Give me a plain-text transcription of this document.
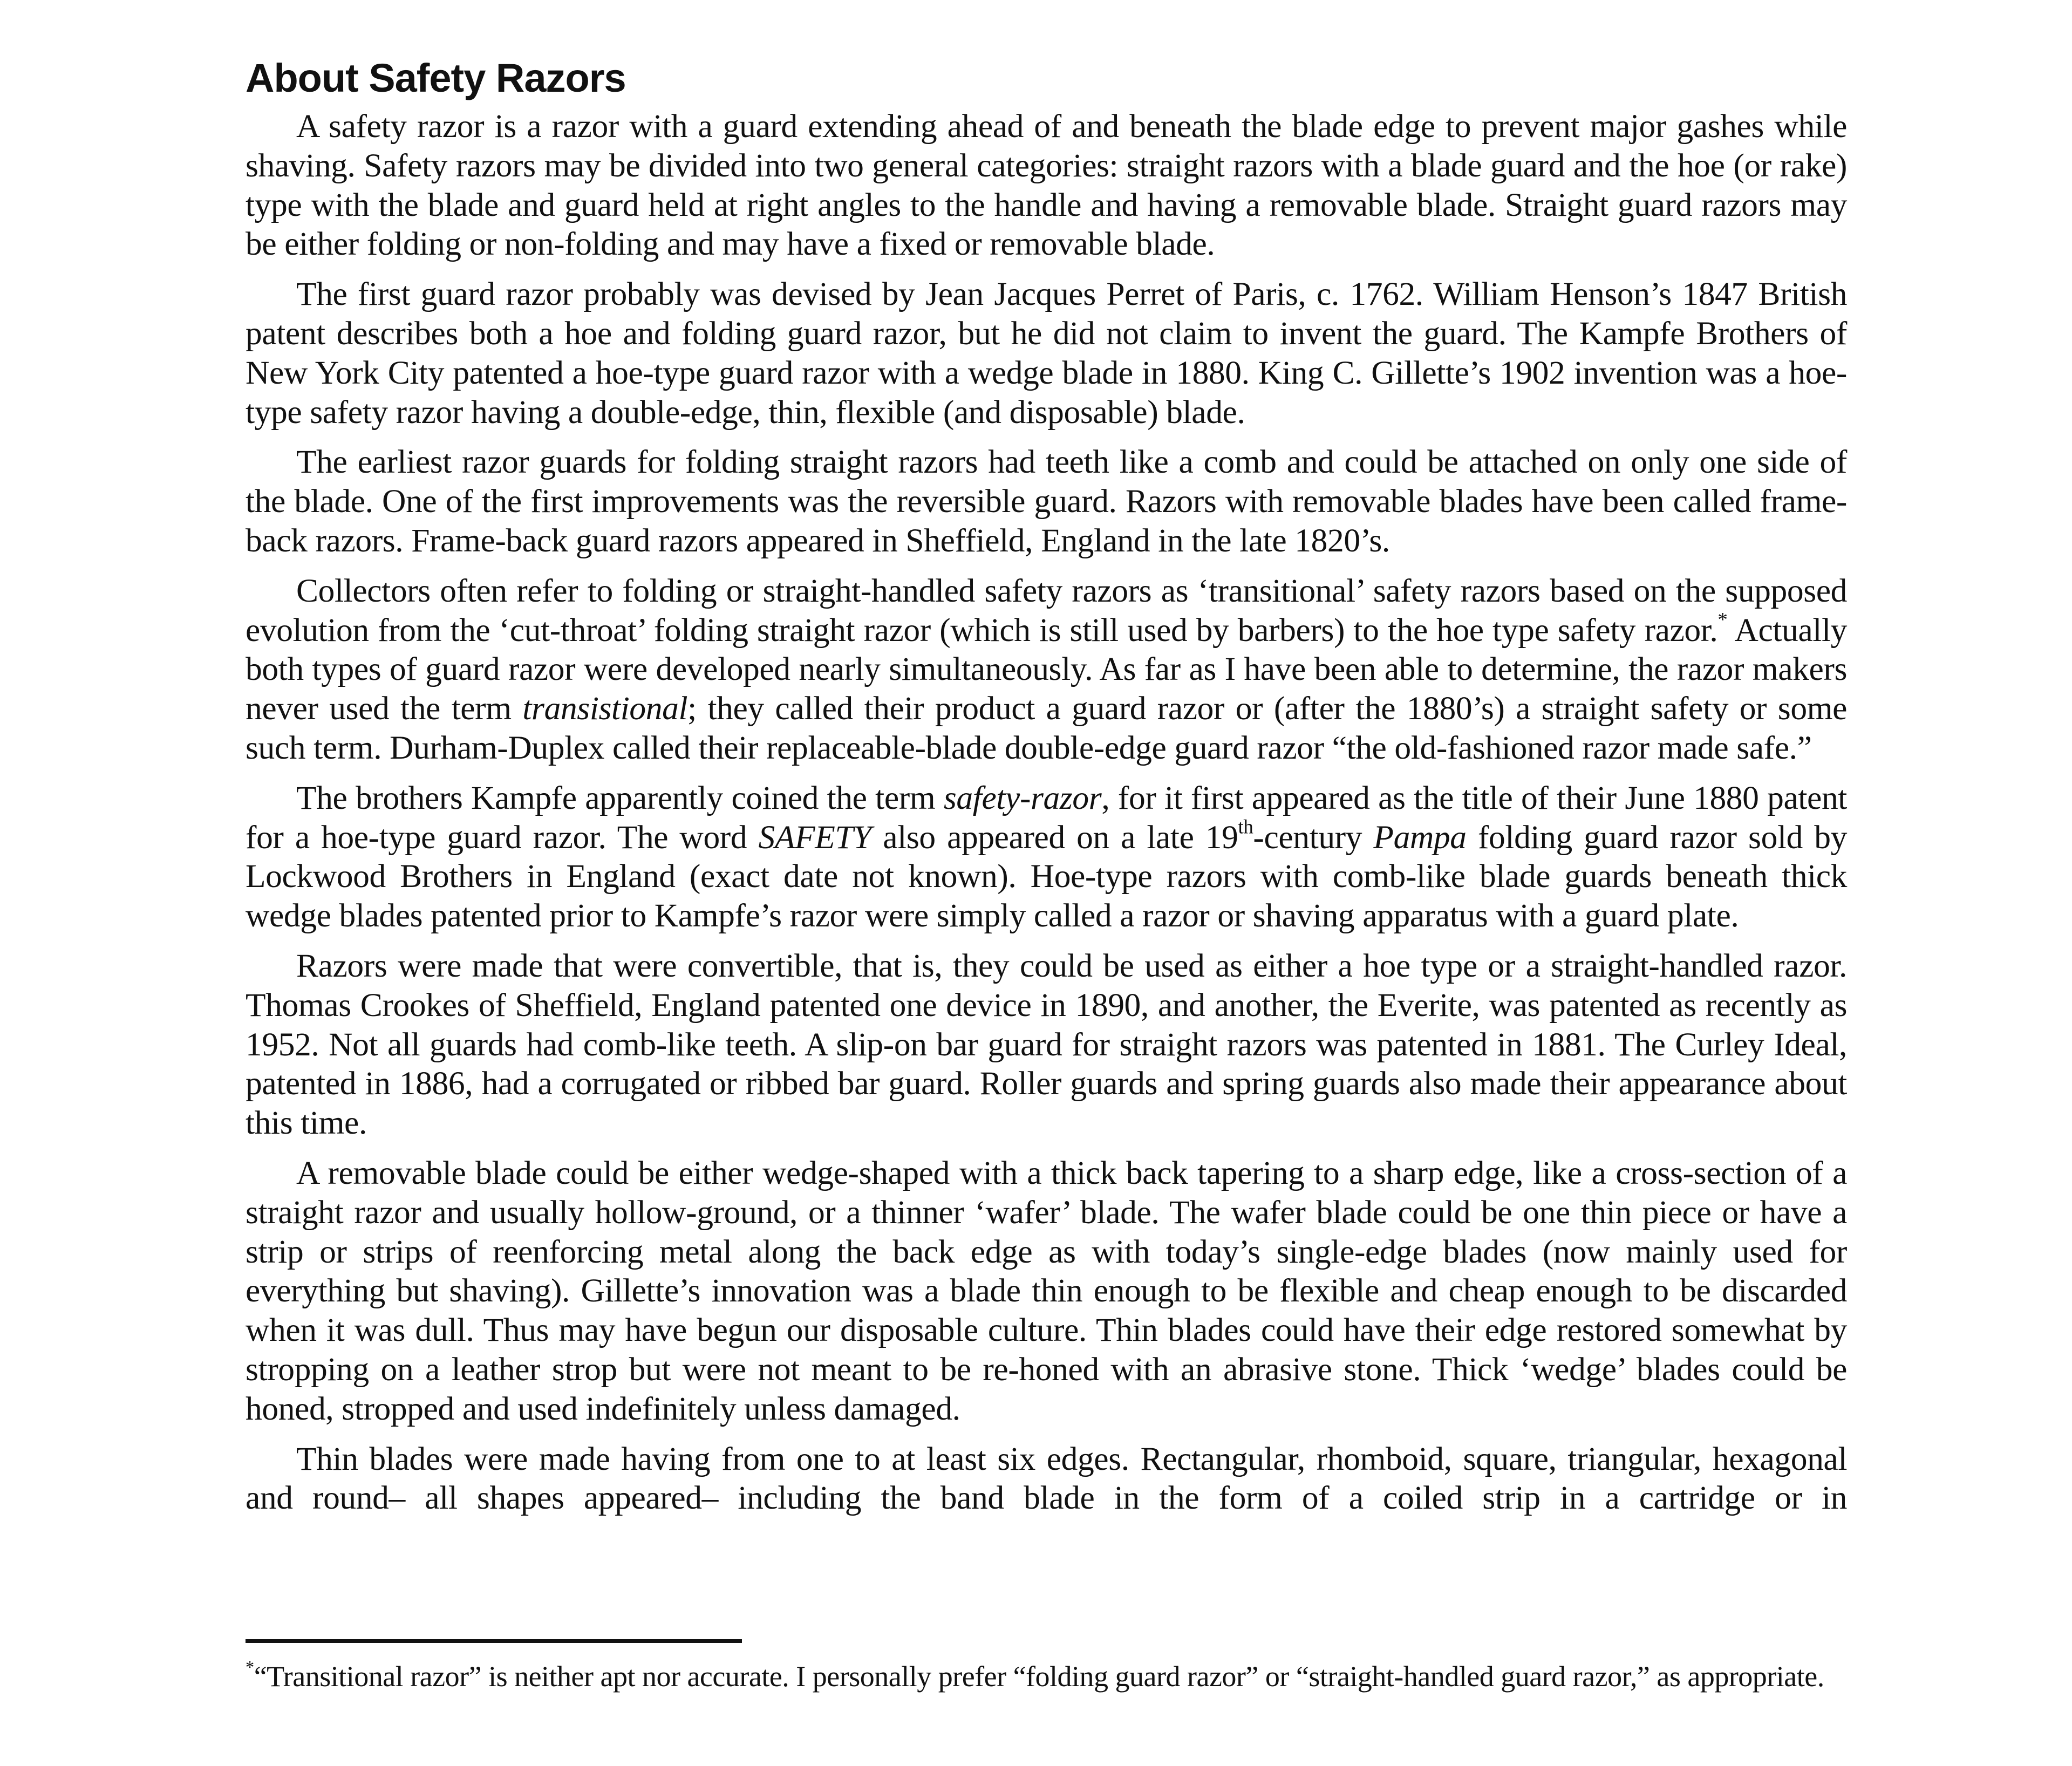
About Safety Razors

A safety razor is a razor with a guard extending ahead of and beneath the blade edge to prevent major gashes while shaving. Safety razors may be divided into two general categories: straight razors with a blade guard and the hoe (or rake) type with the blade and guard held at right angles to the handle and having a removable blade. Straight guard razors may be either folding or non-folding and may have a fixed or removable blade.

The first guard razor probably was devised by Jean Jacques Perret of Paris, c. 1762. William Henson’s 1847 British patent describes both a hoe and folding guard razor, but he did not claim to invent the guard. The Kampfe Brothers of New York City patented a hoe-type guard razor with a wedge blade in 1880. King C. Gillette’s 1902 invention was a hoe-type safety razor having a double-edge, thin, flexible (and disposable) blade.

The earliest razor guards for folding straight razors had teeth like a comb and could be attached on only one side of the blade. One of the first improvements was the reversible guard. Razors with removable blades have been called frame-back razors. Frame-back guard razors appeared in Sheffield, England in the late 1820’s.

Collectors often refer to folding or straight-handled safety razors as ‘transitional’ safety razors based on the supposed evolution from the ‘cut-throat’ folding straight razor (which is still used by barbers) to the hoe type safety razor.* Actually both types of guard razor were developed nearly simultaneously. As far as I have been able to determine, the razor makers never used the term transistional; they called their product a guard razor or (after the 1880’s) a straight safety or some such term. Durham-Duplex called their replaceable-blade double-edge guard razor “the old-fashioned razor made safe.”

The brothers Kampfe apparently coined the term safety-razor, for it first appeared as the title of their June 1880 patent for a hoe-type guard razor. The word SAFETY also appeared on a late 19th-century Pampa folding guard razor sold by Lockwood Brothers in England (exact date not known). Hoe-type razors with comb-like blade guards beneath thick wedge blades patented prior to Kampfe’s razor were simply called a razor or shaving apparatus with a guard plate.

Razors were made that were convertible, that is, they could be used as either a hoe type or a straight-handled razor. Thomas Crookes of Sheffield, England patented one device in 1890, and another, the Everite, was patented as recently as 1952. Not all guards had comb-like teeth. A slip-on bar guard for straight razors was patented in 1881. The Curley Ideal, patented in 1886, had a corrugated or ribbed bar guard. Roller guards and spring guards also made their appearance about this time.

A removable blade could be either wedge-shaped with a thick back tapering to a sharp edge, like a cross-section of a straight razor and usually hollow-ground, or a thinner ‘wafer’ blade. The wafer blade could be one thin piece or have a strip or strips of reenforcing metal along the back edge as with today’s single-edge blades (now mainly used for everything but shaving). Gillette’s innovation was a blade thin enough to be flexible and cheap enough to be discarded when it was dull. Thus may have begun our disposable culture. Thin blades could have their edge restored somewhat by stropping on a leather strop but were not meant to be re-honed with an abrasive stone. Thick ‘wedge’ blades could be honed, stropped and used indefinitely unless damaged.

Thin blades were made having from one to at least six edges. Rectangular, rhomboid, square, triangular, hexagonal and round– all shapes appeared– including the band blade in the form of a coiled strip in a cartridge or in

*“Transitional razor” is neither apt nor accurate. I personally prefer “folding guard razor” or “straight-handled guard razor,” as appropriate.
